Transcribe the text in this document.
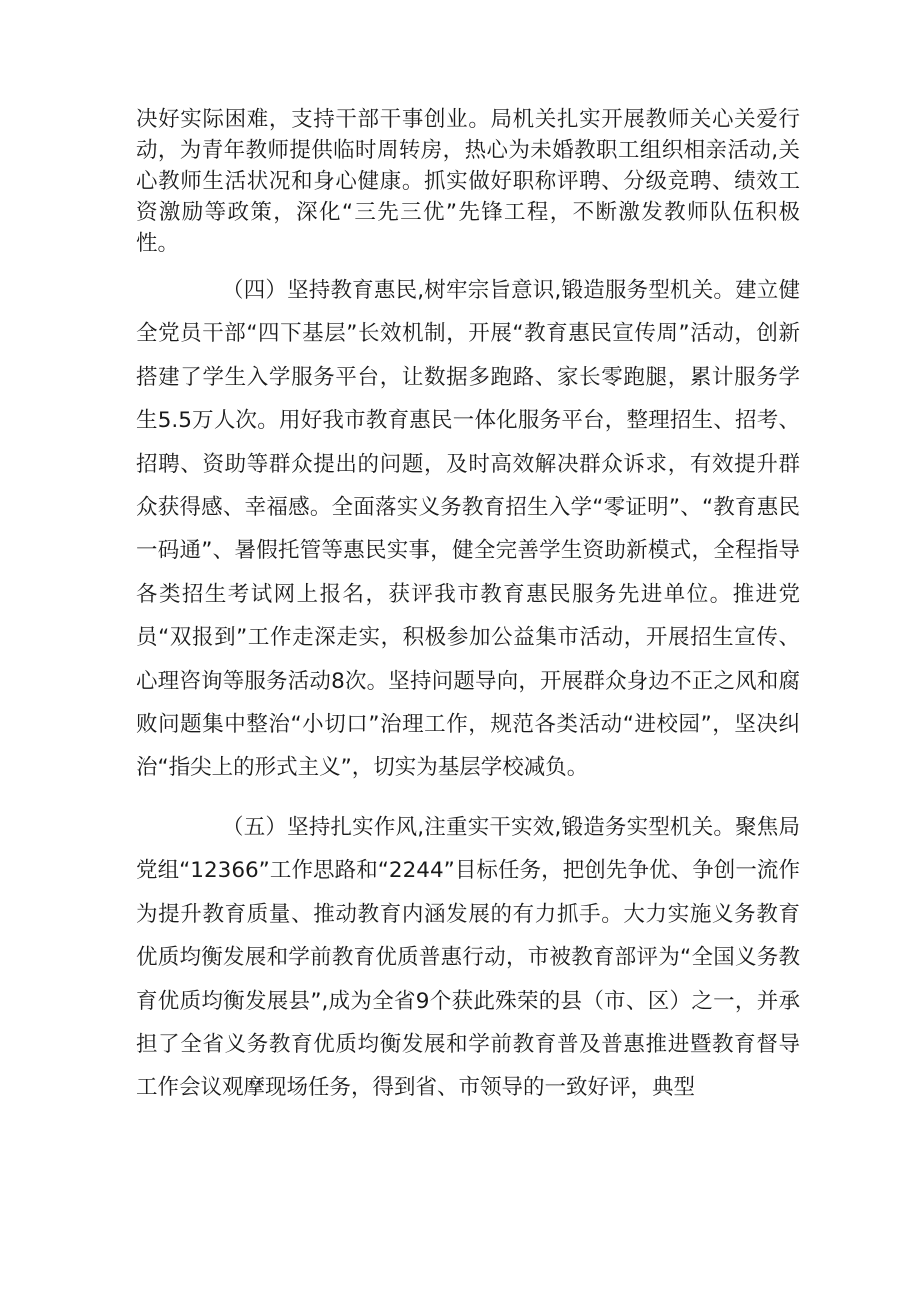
决好实际困难，支持干部干事创业。局机关扎实开展教师关心关爱行动，为青年教师提供临时周转房，热心为未婚教职工组织相亲活动,关心教师生活状况和身心健康。抓实做好职称评聘、分级竞聘、绩效工资激励等政策，深化“三先三优”先锋工程，不断激发教师队伍积极性。

（四）坚持教育惠民,树牢宗旨意识,锻造服务型机关。建立健全党员干部“四下基层”长效机制，开展“教育惠民宣传周”活动，创新搭建了学生入学服务平台，让数据多跑路、家长零跑腿，累计服务学生5.5万人次。用好我市教育惠民一体化服务平台，整理招生、招考、招聘、资助等群众提出的问题，及时高效解决群众诉求，有效提升群众获得感、幸福感。全面落实义务教育招生入学“零证明”、“教育惠民一码通”、暑假托管等惠民实事，健全完善学生资助新模式，全程指导各类招生考试网上报名，获评我市教育惠民服务先进单位。推进党员“双报到”工作走深走实，积极参加公益集市活动，开展招生宣传、心理咨询等服务活动8次。坚持问题导向，开展群众身边不正之风和腐败问题集中整治“小切口”治理工作，规范各类活动“进校园”，坚决纠治“指尖上的形式主义”，切实为基层学校减负。

（五）坚持扎实作风,注重实干实效,锻造务实型机关。聚焦局党组“12366”工作思路和“2244”目标任务，把创先争优、争创一流作为提升教育质量、推动教育内涵发展的有力抓手。大力实施义务教育优质均衡发展和学前教育优质普惠行动，市被教育部评为“全国义务教育优质均衡发展县”,成为全省9个获此殊荣的县（市、区）之一，并承担了全省义务教育优质均衡发展和学前教育普及普惠推进暨教育督导工作会议观摩现场任务，得到省、市领导的一致好评，典型
